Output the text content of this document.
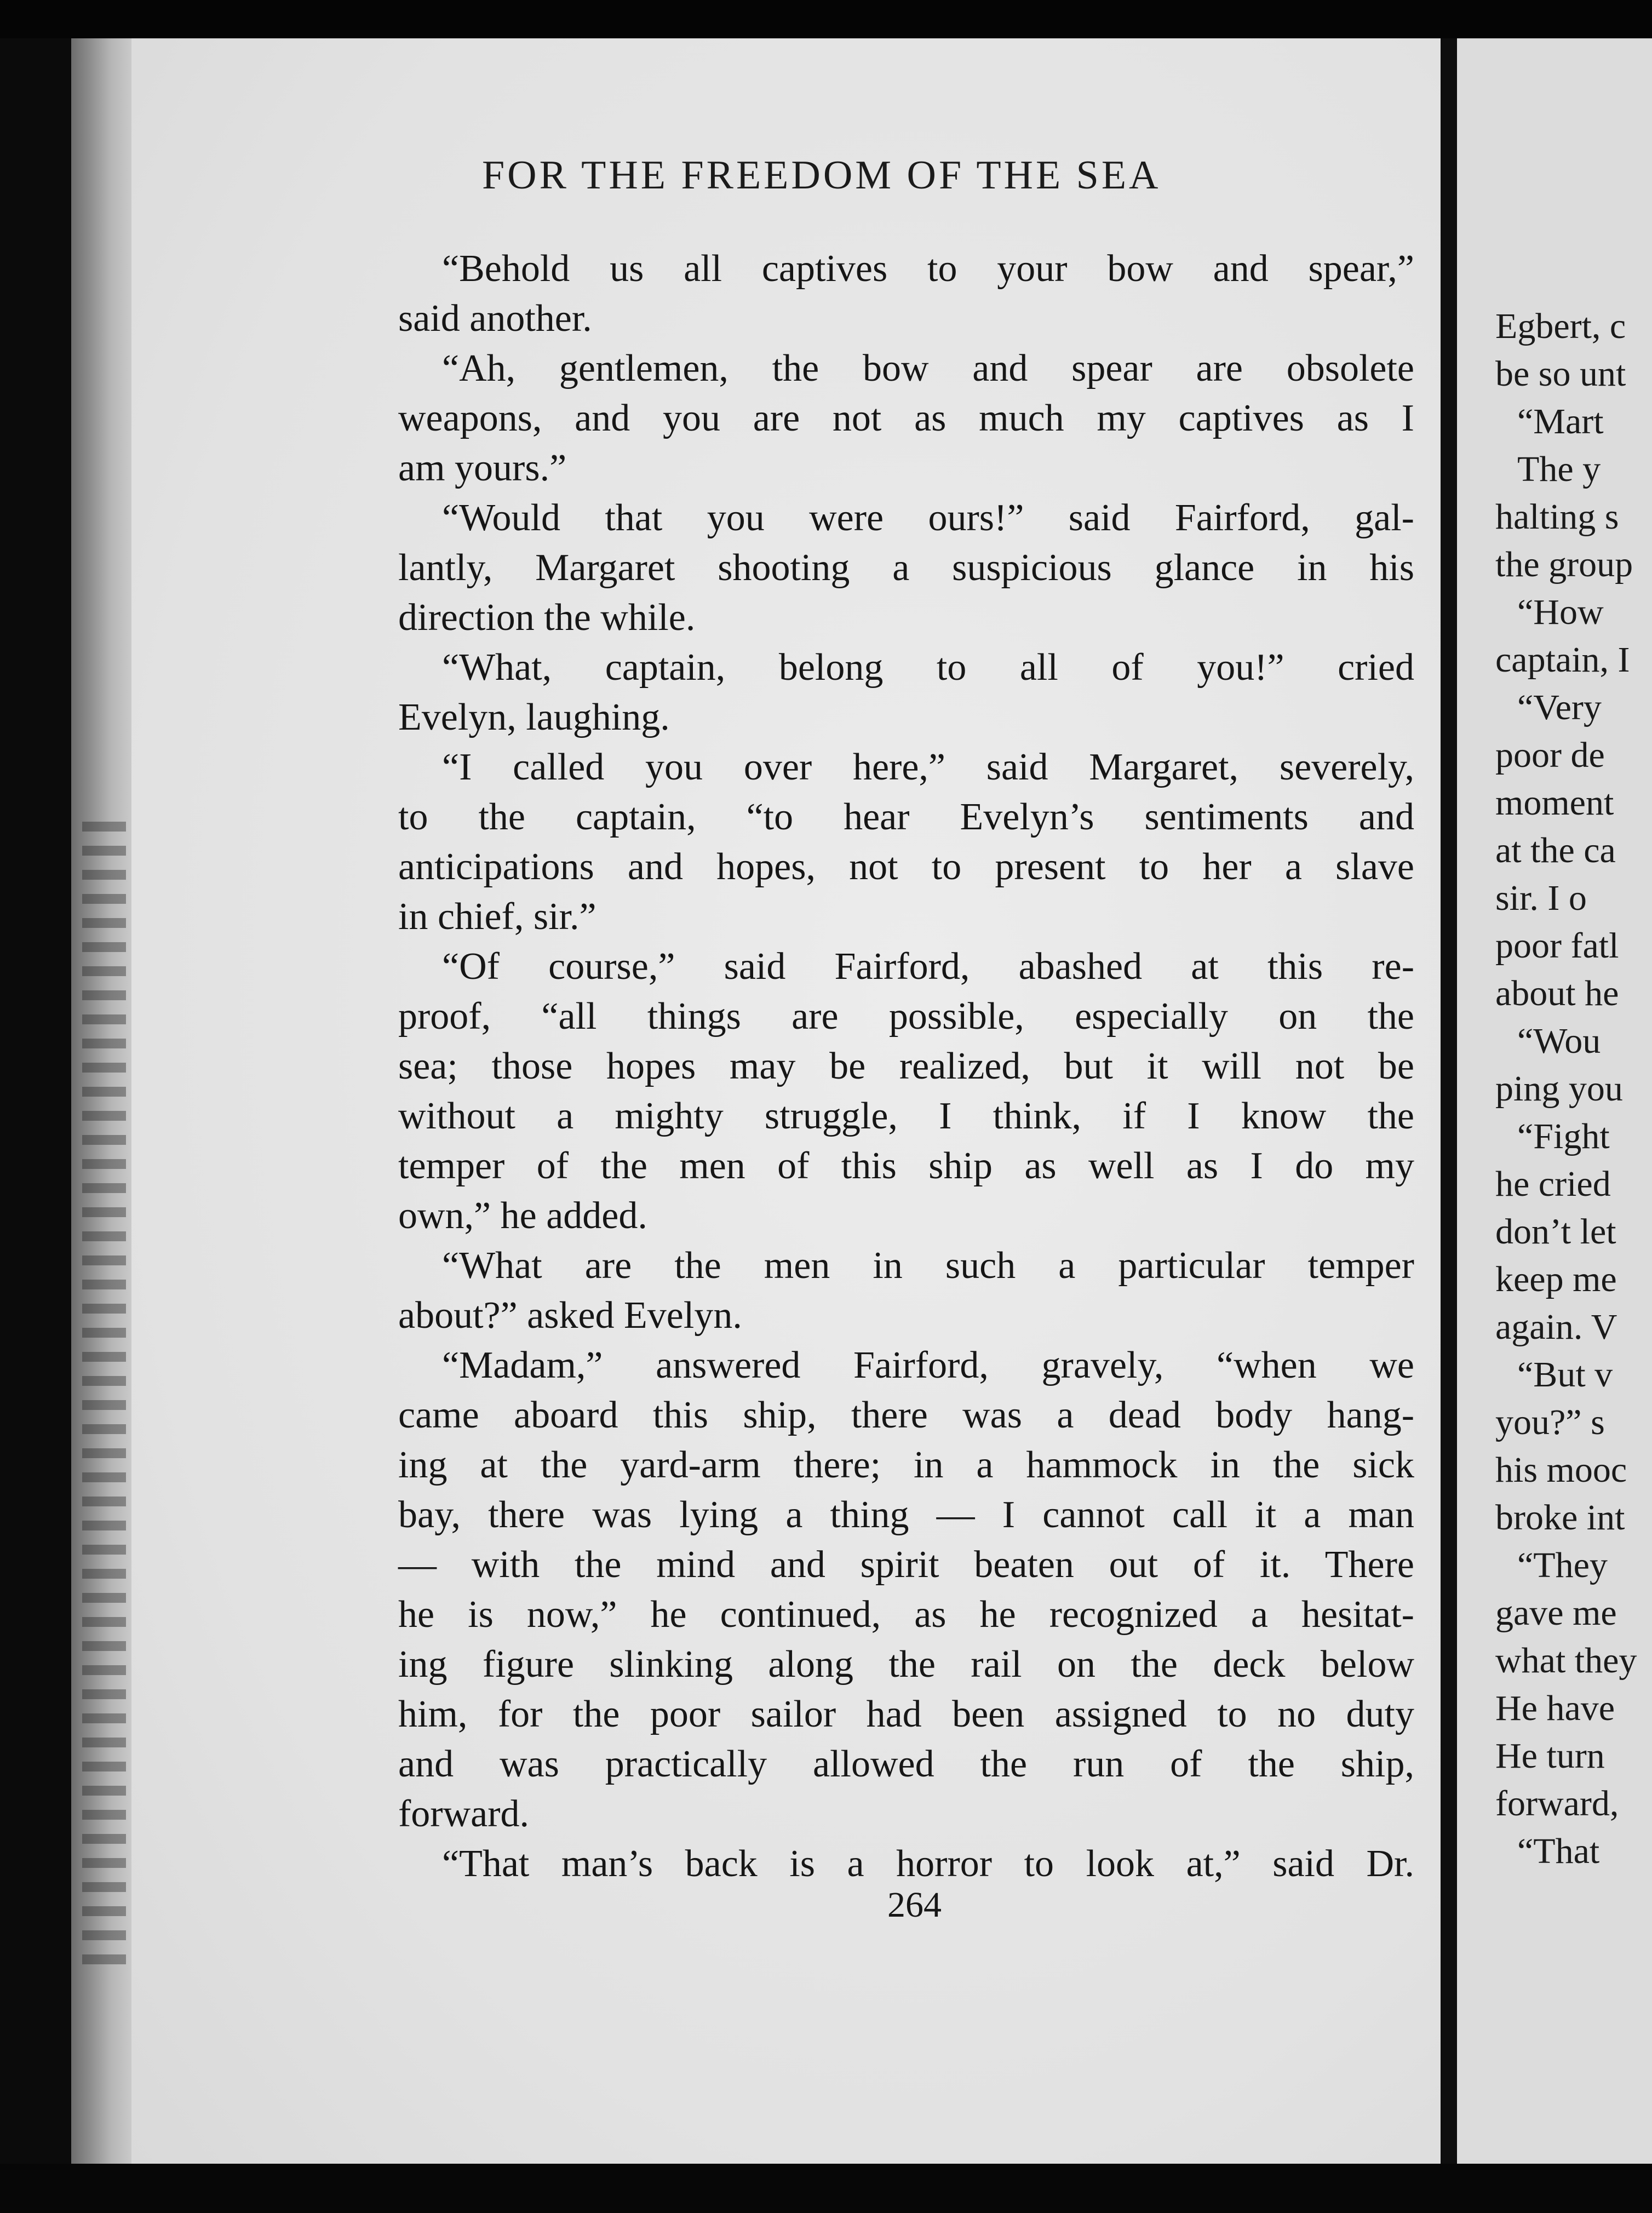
Egbert, c
be so unt
“Mart
The y
halting s
the group
“How
captain, I
“Very
poor de
moment
at the ca
sir. I o
poor fatl
about he
“Wou
ping you
“Fight
he cried
don’t let
keep me
again. V
“But v
you?” s
his mooc
broke int
“They
gave me
what they
He have
He turn
forward,
“That
FOR THE FREEDOM OF THE SEA
“Behold us all captives to your bow and spear,”
said another.
“Ah, gentlemen, the bow and spear are obsolete
weapons, and you are not as much my captives as I
am yours.”
“Would that you were ours!” said Fairford, gal-
lantly, Margaret shooting a suspicious glance in his
direction the while.
“What, captain, belong to all of you!” cried
Evelyn, laughing.
“I called you over here,” said Margaret, severely,
to the captain, “to hear Evelyn’s sentiments and
anticipations and hopes, not to present to her a slave
in chief, sir.”
“Of course,” said Fairford, abashed at this re-
proof, “all things are possible, especially on the
sea; those hopes may be realized, but it will not be
without a mighty struggle, I think, if I know the
temper of the men of this ship as well as I do my
own,” he added.
“What are the men in such a particular temper
about?” asked Evelyn.
“Madam,” answered Fairford, gravely, “when we
came aboard this ship, there was a dead body hang-
ing at the yard-arm there; in a hammock in the sick
bay, there was lying a thing — I cannot call it a man
— with the mind and spirit beaten out of it. There
he is now,” he continued, as he recognized a hesitat-
ing figure slinking along the rail on the deck below
him, for the poor sailor had been assigned to no duty
and was practically allowed the run of the ship,
forward.
“That man’s back is a horror to look at,” said Dr.
264
